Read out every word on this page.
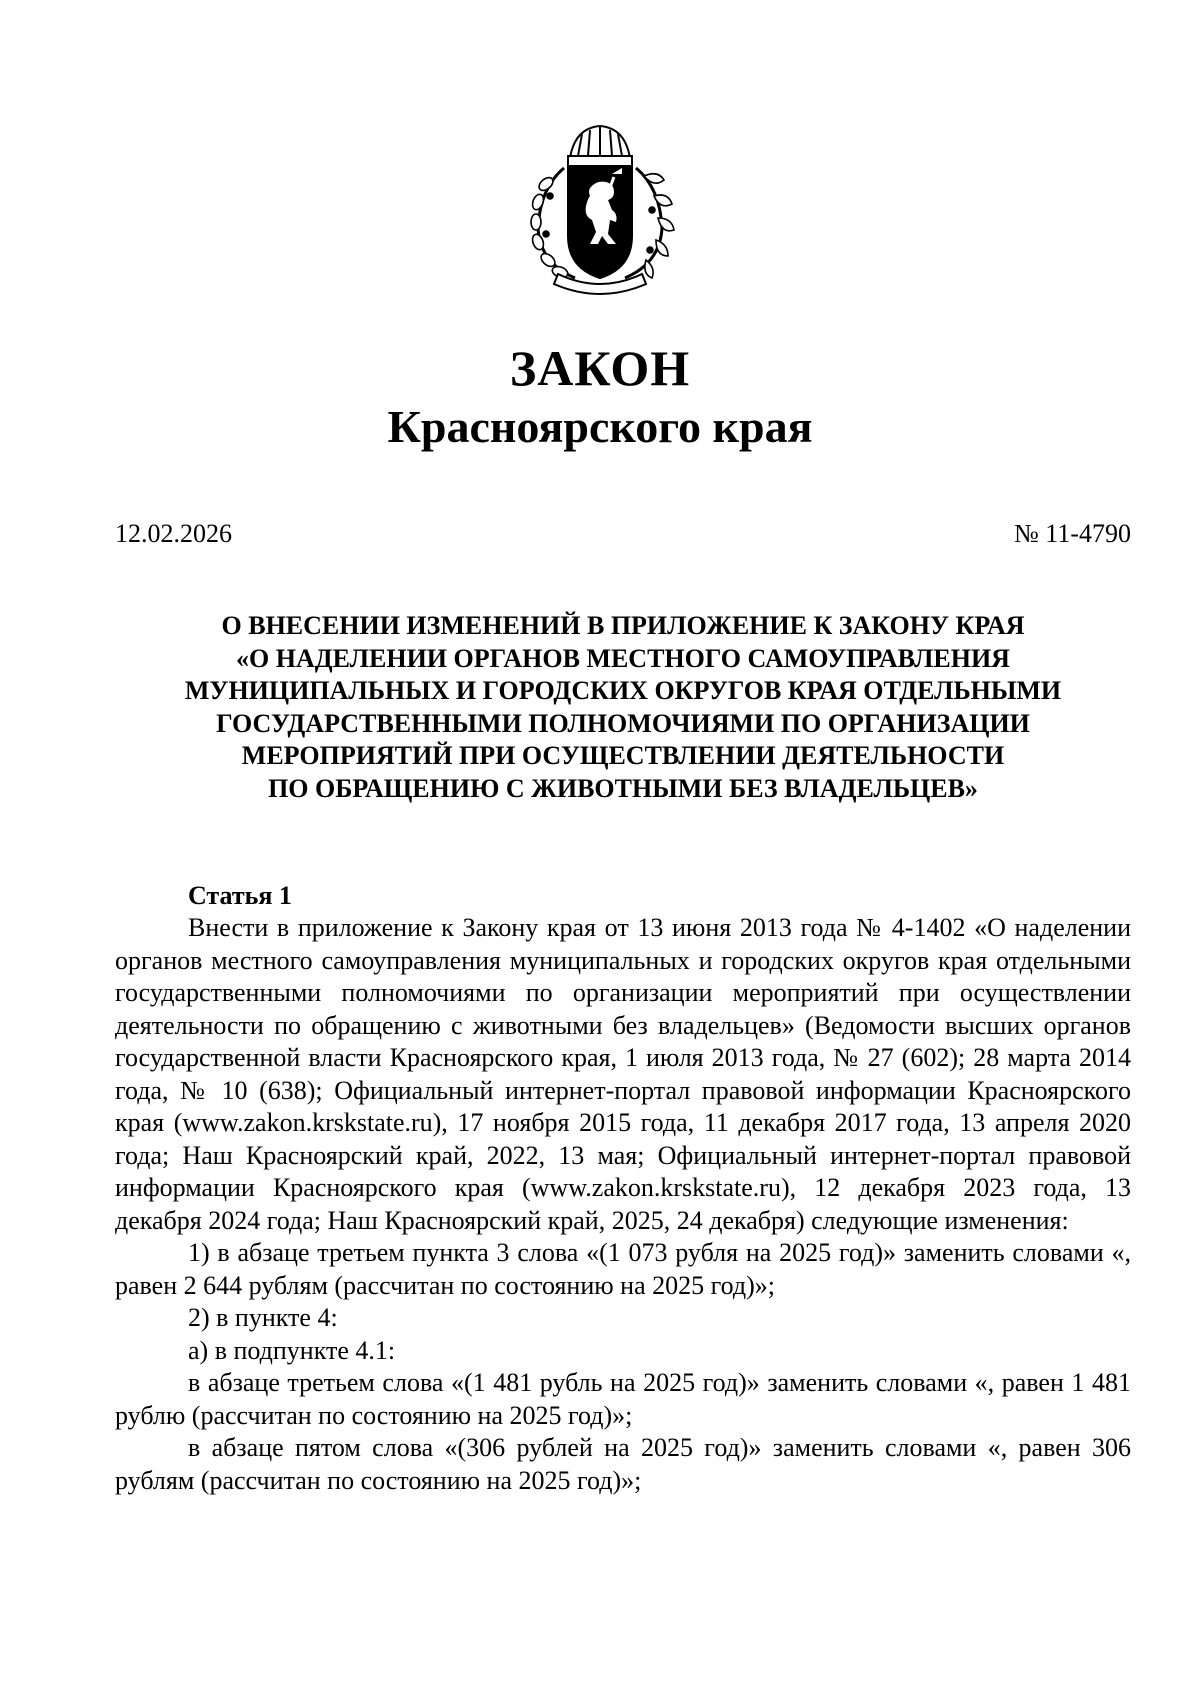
ЗАКОН
Красноярского края
12.02.2026	№ 11-4790
О ВНЕСЕНИИ ИЗМЕНЕНИЙ В ПРИЛОЖЕНИЕ К ЗАКОНУ КРАЯ
«О НАДЕЛЕНИИ ОРГАНОВ МЕСТНОГО САМОУПРАВЛЕНИЯ
МУНИЦИПАЛЬНЫХ И ГОРОДСКИХ ОКРУГОВ КРАЯ ОТДЕЛЬНЫМИ
ГОСУДАРСТВЕННЫМИ ПОЛНОМОЧИЯМИ ПО ОРГАНИЗАЦИИ
МЕРОПРИЯТИЙ ПРИ ОСУЩЕСТВЛЕНИИ ДЕЯТЕЛЬНОСТИ
ПО ОБРАЩЕНИЮ С ЖИВОТНЫМИ БЕЗ ВЛАДЕЛЬЦЕВ»
Статья 1

Внести в приложение к Закону края от 13 июня 2013 года № 4-1402 «О наделении органов местного самоуправления муниципальных и городских округов края отдельными государственными полномочиями по организации мероприятий при осуществлении деятельности по обращению с животными без владельцев» (Ведомости высших органов государственной власти Красноярского края, 1 июля 2013 года, № 27 (602); 28 марта 2014 года, № 10 (638); Официальный интернет-портал правовой информации Красноярского края (www.zakon.krskstate.ru), 17 ноября 2015 года, 11 декабря 2017 года, 13 апреля 2020 года; Наш Красноярский край, 2022, 13 мая; Официальный интернет-портал правовой информации Красноярского края (www.zakon.krskstate.ru), 12 декабря 2023 года, 13 декабря 2024 года; Наш Красноярский край, 2025, 24 декабря) следующие изменения:

1) в абзаце третьем пункта 3 слова «(1 073 рубля на 2025 год)» заменить словами «, равен 2 644 рублям (рассчитан по состоянию на 2025 год)»;

2) в пункте 4:

а) в подпункте 4.1:

в абзаце третьем слова «(1 481 рубль на 2025 год)» заменить словами «, равен 1 481 рублю (рассчитан по состоянию на 2025 год)»;

в абзаце пятом слова «(306 рублей на 2025 год)» заменить словами «, равен 306 рублям (рассчитан по состоянию на 2025 год)»;
